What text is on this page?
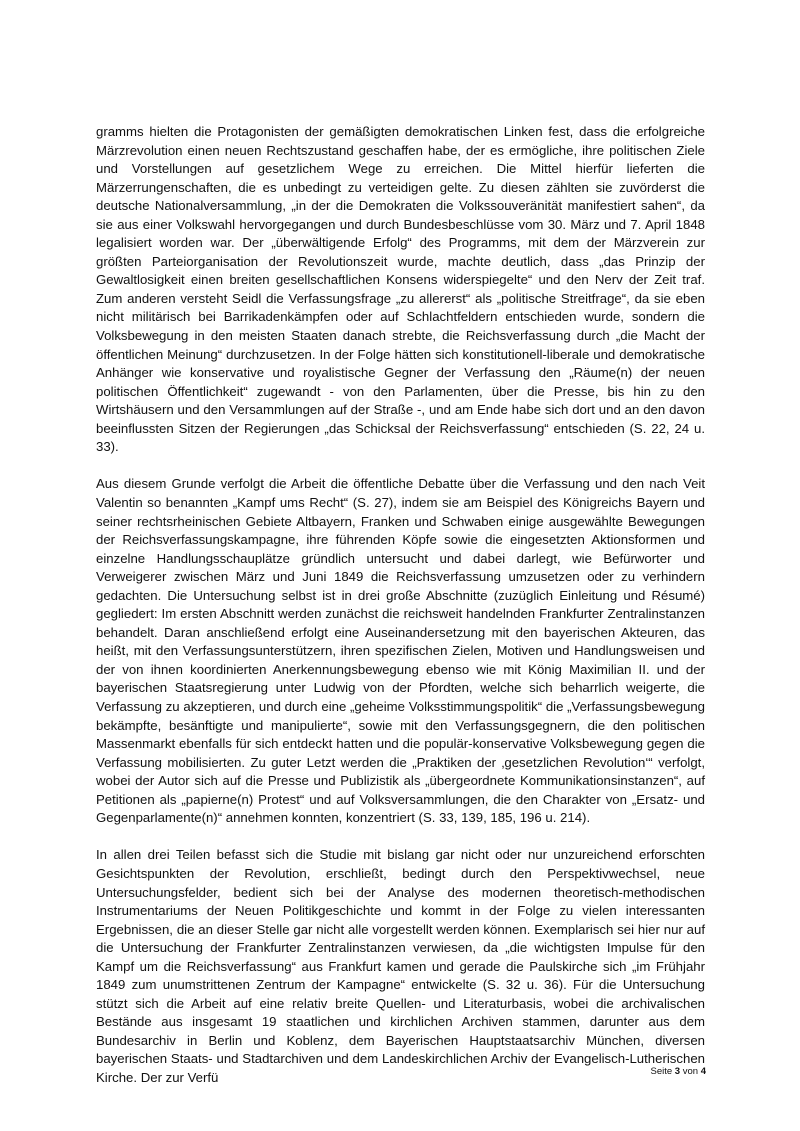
gramms hielten die Protagonisten der gemäßigten demokratischen Linken fest, dass die erfolgreiche Märzrevolution einen neuen Rechtszustand geschaffen habe, der es ermögliche, ihre politischen Ziele und Vorstellungen auf gesetzlichem Wege zu erreichen. Die Mittel hierfür lieferten die Märzerrungenschaften, die es unbedingt zu verteidigen gelte. Zu diesen zählten sie zuvörderst die deutsche Nationalversammlung, „in der die Demokraten die Volkssouveränität manifestiert sahen“, da sie aus einer Volkswahl hervorgegangen und durch Bundesbeschlüsse vom 30. März und 7. April 1848 legalisiert worden war. Der „überwältigende Erfolg“ des Programms, mit dem der Märzverein zur größten Parteiorganisation der Revolutionszeit wurde, machte deutlich, dass „das Prinzip der Gewaltlosigkeit einen breiten gesellschaftlichen Konsens widerspiegelte“ und den Nerv der Zeit traf. Zum anderen versteht Seidl die Verfassungsfrage „zu allererst“ als „politische Streitfrage“, da sie eben nicht militärisch bei Barrikadenkämpfen oder auf Schlachtfeldern entschieden wurde, sondern die Volksbewegung in den meisten Staaten danach strebte, die Reichsverfassung durch „die Macht der öffentlichen Meinung“ durchzusetzen. In der Folge hätten sich konstitutionell-liberale und demokratische Anhänger wie konservative und royalistische Gegner der Verfassung den „Räume(n) der neuen politischen Öffentlichkeit“ zugewandt - von den Parlamenten, über die Presse, bis hin zu den Wirtshäusern und den Versammlungen auf der Straße -, und am Ende habe sich dort und an den davon beeinflussten Sitzen der Regierungen „das Schicksal der Reichsverfassung“ entschieden (S. 22, 24 u. 33).

Aus diesem Grunde verfolgt die Arbeit die öffentliche Debatte über die Verfassung und den nach Veit Valentin so benannten „Kampf ums Recht“ (S. 27), indem sie am Beispiel des Königreichs Bayern und seiner rechtsrheinischen Gebiete Altbayern, Franken und Schwaben einige ausgewählte Bewegungen der Reichsverfassungskampagne, ihre führenden Köpfe sowie die eingesetzten Aktionsformen und einzelne Handlungsschauplätze gründlich untersucht und dabei darlegt, wie Befürworter und Verweigerer zwischen März und Juni 1849 die Reichsverfassung umzusetzen oder zu verhindern gedachten. Die Untersuchung selbst ist in drei große Abschnitte (zuzüglich Einleitung und Résumé) gegliedert: Im ersten Abschnitt werden zunächst die reichsweit handelnden Frankfurter Zentralinstanzen behandelt. Daran anschließend erfolgt eine Auseinandersetzung mit den bayerischen Akteuren, das heißt, mit den Verfassungsunterstützern, ihren spezifischen Zielen, Motiven und Handlungsweisen und der von ihnen koordinierten Anerkennungsbewegung ebenso wie mit König Maximilian II. und der bayerischen Staatsregierung unter Ludwig von der Pfordten, welche sich beharrlich weigerte, die Verfassung zu akzeptieren, und durch eine „geheime Volksstimmungspolitik“ die „Verfassungsbewegung bekämpfte, besänftigte und manipulierte“, sowie mit den Verfassungsgegnern, die den politischen Massenmarkt ebenfalls für sich entdeckt hatten und die populär-konservative Volksbewegung gegen die Verfassung mobilisierten. Zu guter Letzt werden die „Praktiken der ‚gesetzlichen Revolution‘“ verfolgt, wobei der Autor sich auf die Presse und Publizistik als „übergeordnete Kommunikationsinstanzen“, auf Petitionen als „papierne(n) Protest“ und auf Volksversammlungen, die den Charakter von „Ersatz- und Gegenparlamente(n)“ annehmen konnten, konzentriert (S. 33, 139, 185, 196 u. 214).

In allen drei Teilen befasst sich die Studie mit bislang gar nicht oder nur unzureichend erforschten Gesichtspunkten der Revolution, erschließt, bedingt durch den Perspektivwechsel, neue Untersuchungsfelder, bedient sich bei der Analyse des modernen theoretisch-methodischen Instrumentariums der Neuen Politikgeschichte und kommt in der Folge zu vielen interessanten Ergebnissen, die an dieser Stelle gar nicht alle vorgestellt werden können. Exemplarisch sei hier nur auf die Untersuchung der Frankfurter Zentralinstanzen verwiesen, da „die wichtigsten Impulse für den Kampf um die Reichsverfassung“ aus Frankfurt kamen und gerade die Paulskirche sich „im Frühjahr 1849 zum unumstrittenen Zentrum der Kampagne“ entwickelte (S. 32 u. 36). Für die Untersuchung stützt sich die Arbeit auf eine relativ breite Quellen- und Literaturbasis, wobei die archivalischen Bestände aus insgesamt 19 staatlichen und kirchlichen Archiven stammen, darunter aus dem Bundesarchiv in Berlin und Koblenz, dem Bayerischen Hauptstaatsarchiv München, diversen bayerischen Staats- und Stadtarchiven und dem Landeskirchlichen Archiv der Evangelisch-Lutherischen Kirche. Der zur Verfü	Seite 3 von 4
